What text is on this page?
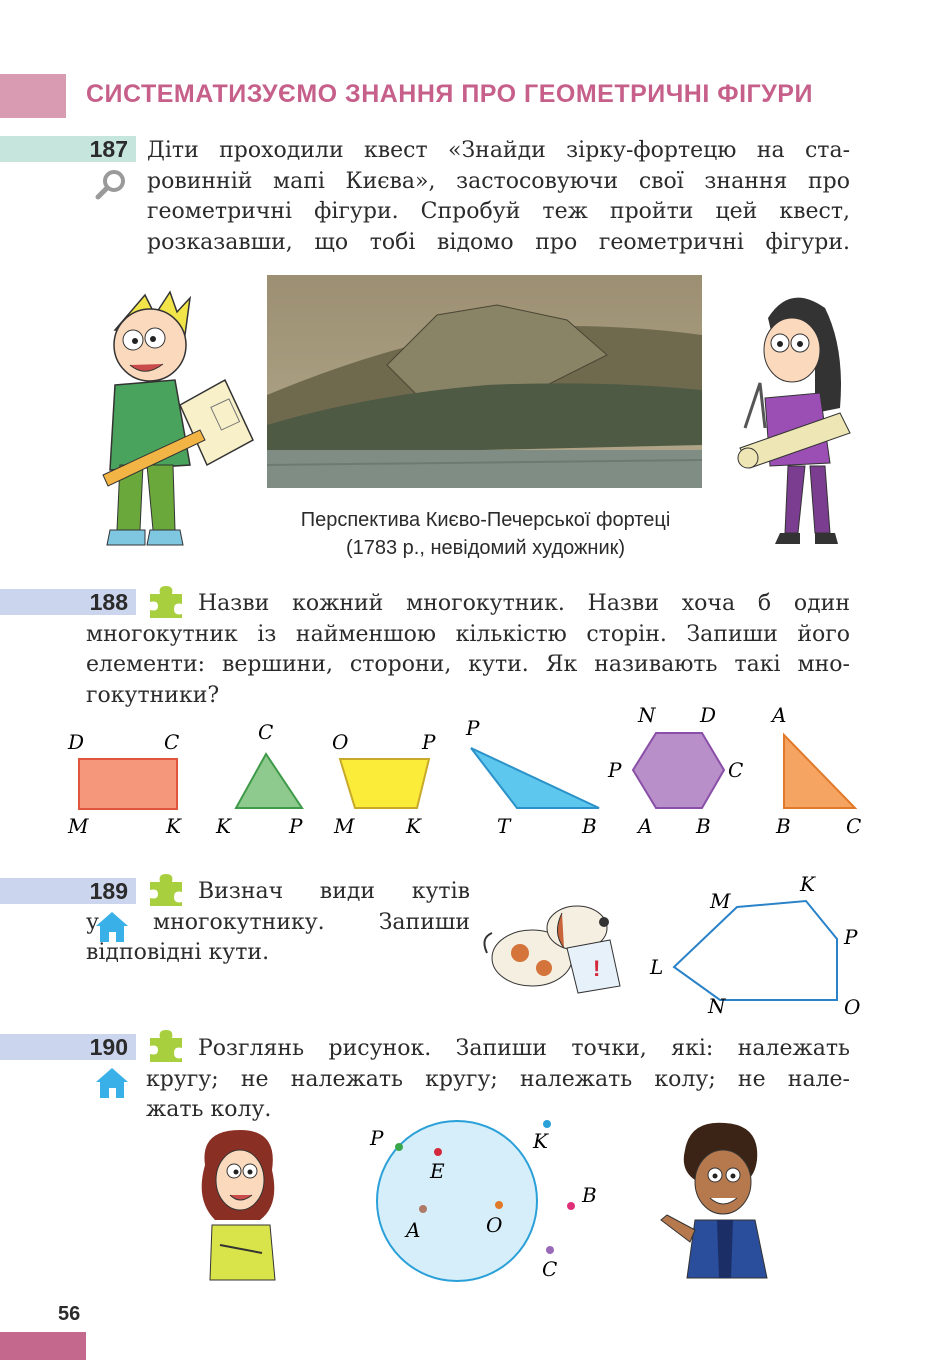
СИСТЕМАТИЗУЄМО ЗНАННЯ ПРО ГЕОМЕТРИЧНІ ФІГУРИ
187 Діти проходили квест «Знайди зірку-фортецю на ста-
ровинній мапі Києва», застосовуючи свої знання про
геометричні фігури. Спробуй теж пройти цей квест,
розказавши, що тобі відомо про геометричні фігури.
Перспектива Києво-Печерської фортеці
(1783 р., невідомий художник)
188	Назви кожний многокутник. Назви хоча б один
многокутник із найменшою кількістю сторін. Запиши його
елементи: вершини, сторони, кути. Як називають такі мно-
гокутники?
D	C
M	K
C
K	P
O	P
M	K
P
T	B
N D
P	C
A B
A
B	C
189	Визнач види кутів
у многокутнику. Запиши
відповідні кути.
!
M
K
P
L
N	O
190	Розглянь рисунок. Запиши точки, які: належать
кругу; не належать кругу; належать колу; не нале-
жать колу.
P
E
K
A	O
B
C
56
